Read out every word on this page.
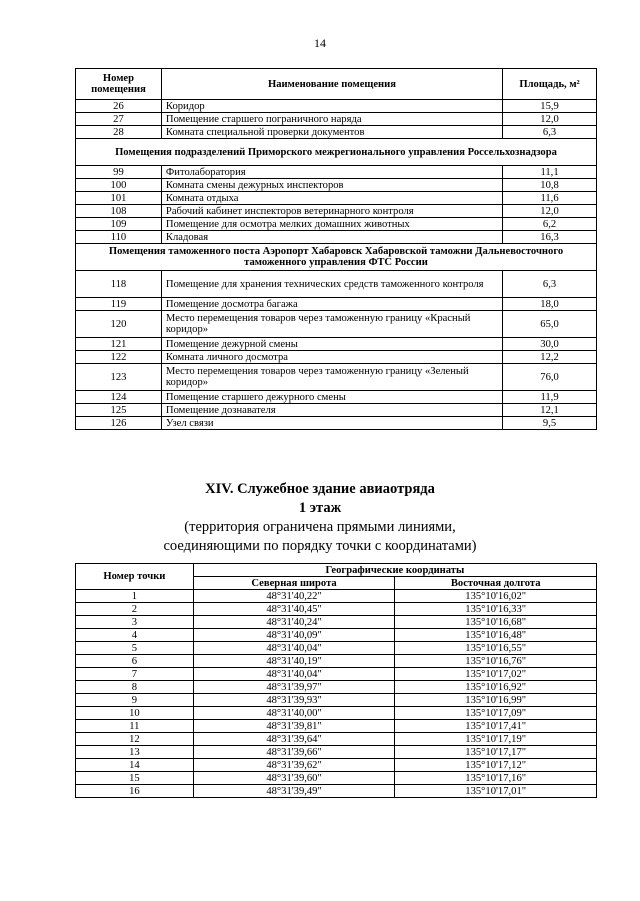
14
Номер помещения	Наименование помещения	Площадь, м²
26	Коридор	15,9
27	Помещение старшего пограничного наряда	12,0
28	Комната специальной проверки документов	6,3
Помещения подразделений Приморского межрегионального управления Россельхознадзора		
99	Фитолаборатория	11,1
100	Комната смены дежурных инспекторов	10,8
101	Комната отдыха	11,6
108	Рабочий кабинет инспекторов ветеринарного контроля	12,0
109	Помещение для осмотра мелких домашних животных	6,2
110	Кладовая	16,3
Помещения таможенного поста Аэропорт Хабаровск Хабаровской таможни Дальневосточного таможенного управления ФТС России		
118	Помещение для хранения технических средств таможенного контроля	6,3
119	Помещение досмотра багажа	18,0
120	Место перемещения товаров через таможенную границу «Красный коридор»	65,0
121	Помещение дежурной смены	30,0
122	Комната личного досмотра	12,2
123	Место перемещения товаров через таможенную границу «Зеленый коридор»	76,0
124	Помещение старшего дежурного смены	11,9
125	Помещение дознавателя	12,1
126	Узел связи	9,5
XIV. Служебное здание авиаотряда
1 этаж
(территория ограничена прямыми линиями,
соединяющими по порядку точки с координатами)
Номер точки	Географические координаты	
	Северная широта	Восточная долгота
1	48°31'40,22"	135°10'16,02"
2	48°31'40,45"	135°10'16,33"
3	48°31'40,24"	135°10'16,68"
4	48°31'40,09"	135°10'16,48"
5	48°31'40,04"	135°10'16,55"
6	48°31'40,19"	135°10'16,76"
7	48°31'40,04"	135°10'17,02"
8	48°31'39,97"	135°10'16,92"
9	48°31'39,93"	135°10'16,99"
10	48°31'40,00"	135°10'17,09"
11	48°31'39,81"	135°10'17,41"
12	48°31'39,64"	135°10'17,19"
13	48°31'39,66"	135°10'17,17"
14	48°31'39,62"	135°10'17,12"
15	48°31'39,60"	135°10'17,16"
16	48°31'39,49"	135°10'17,01"
